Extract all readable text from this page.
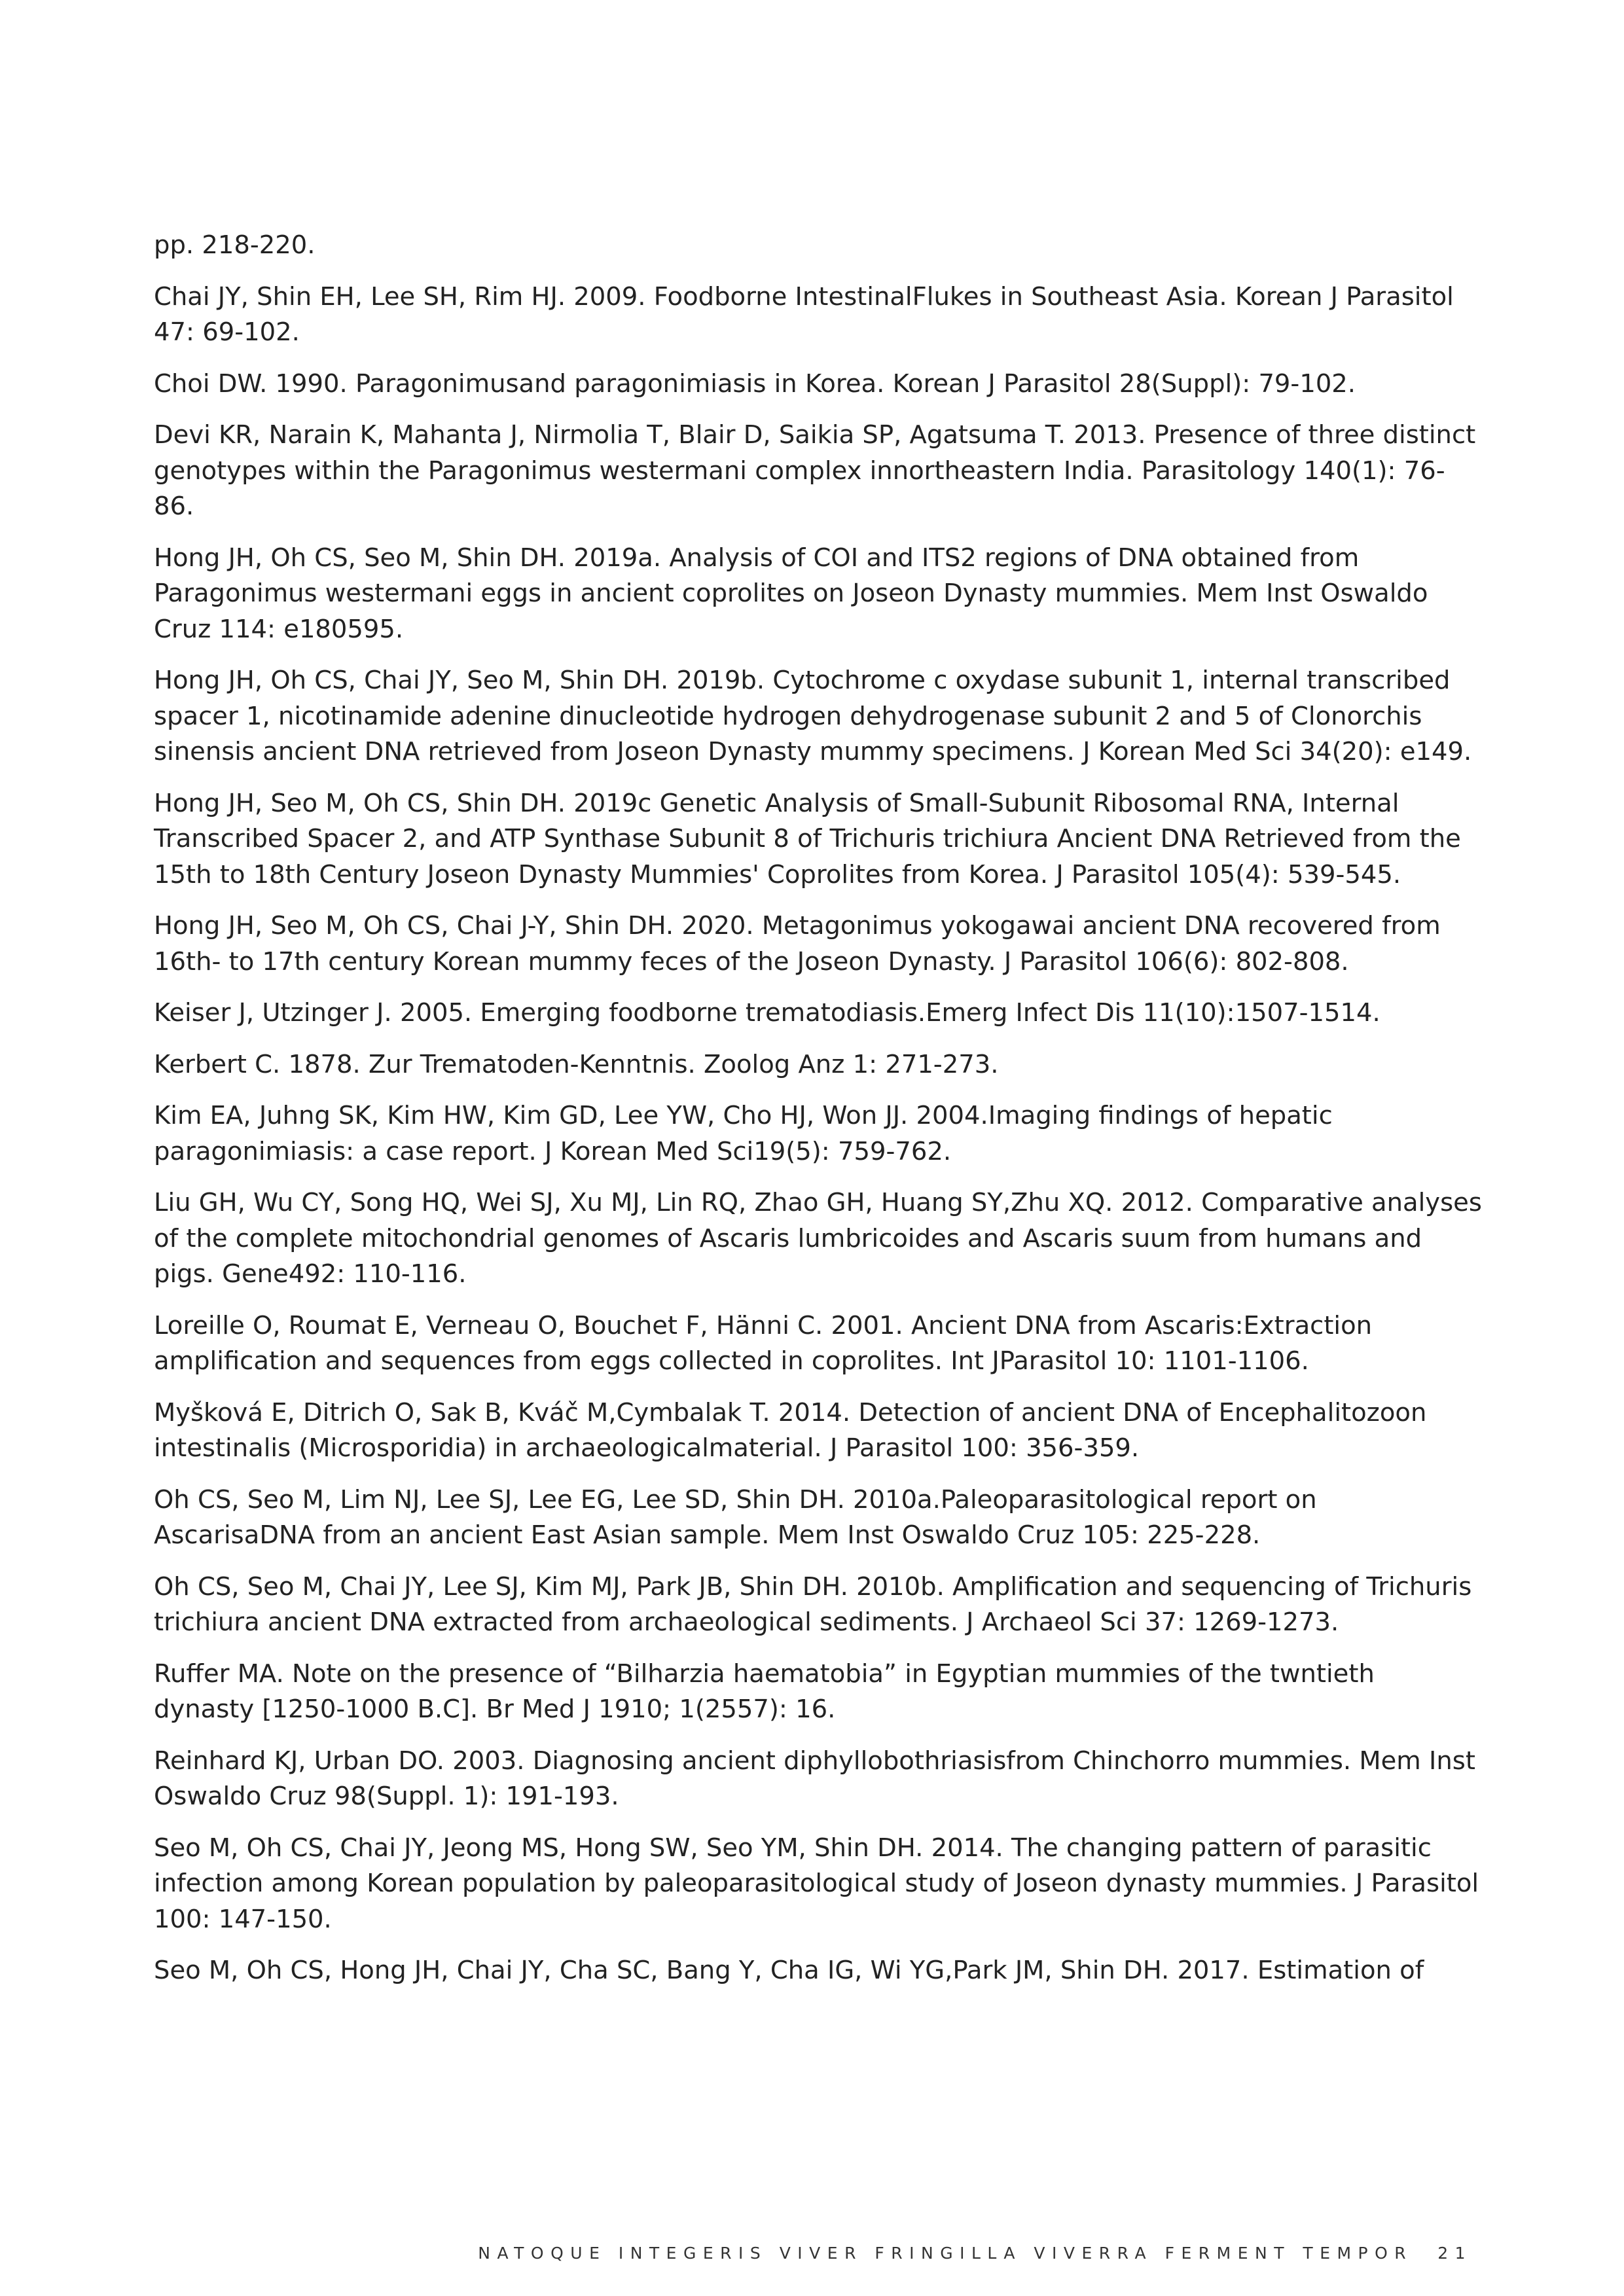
pp. 218-220.
Chai JY, Shin EH, Lee SH, Rim HJ. 2009. Foodborne IntestinalFlukes in Southeast Asia. Korean J Parasitol 47: 69-102.
Choi DW. 1990. Paragonimusand paragonimiasis in Korea. Korean J Parasitol 28(Suppl): 79-102.
Devi KR, Narain K, Mahanta J, Nirmolia T, Blair D, Saikia SP, Agatsuma T. 2013. Presence of three distinct genotypes within the Paragonimus westermani complex innortheastern India. Parasitology 140(1): 76-86.
Hong JH, Oh CS, Seo M, Shin DH. 2019a. Analysis of COI and ITS2 regions of DNA obtained from Paragonimus westermani eggs in ancient coprolites on Joseon Dynasty mummies. Mem Inst Oswaldo Cruz 114: e180595.
Hong JH, Oh CS, Chai JY, Seo M, Shin DH. 2019b. Cytochrome c oxydase subunit 1, internal transcribed spacer 1, nicotinamide adenine dinucleotide hydrogen dehydrogenase subunit 2 and 5 of Clonorchis sinensis ancient DNA retrieved from Joseon Dynasty mummy specimens. J Korean Med Sci 34(20): e149.
Hong JH, Seo M, Oh CS, Shin DH. 2019c Genetic Analysis of Small-Subunit Ribosomal RNA, Internal Transcribed Spacer 2, and ATP Synthase Subunit 8 of Trichuris trichiura Ancient DNA Retrieved from the 15th to 18th Century Joseon Dynasty Mummies' Coprolites from Korea. J Parasitol 105(4): 539-545.
Hong JH, Seo M, Oh CS, Chai J-Y, Shin DH. 2020. Metagonimus yokogawai ancient DNA recovered from 16th- to 17th century Korean mummy feces of the Joseon Dynasty. J Parasitol 106(6): 802-808.
Keiser J, Utzinger J. 2005. Emerging foodborne trematodiasis.Emerg Infect Dis 11(10):1507-1514.
Kerbert C. 1878. Zur Trematoden-Kenntnis. Zoolog Anz 1: 271-273.
Kim EA, Juhng SK, Kim HW, Kim GD, Lee YW, Cho HJ, Won JJ. 2004.Imaging findings of hepatic paragonimiasis: a case report. J Korean Med Sci19(5): 759-762.
Liu GH, Wu CY, Song HQ, Wei SJ, Xu MJ, Lin RQ, Zhao GH, Huang SY,Zhu XQ. 2012. Comparative analyses of the complete mitochondrial genomes of Ascaris lumbricoides and Ascaris suum from humans and pigs. Gene492: 110-116.
Loreille O, Roumat E, Verneau O, Bouchet F, Hänni C. 2001. Ancient DNA from Ascaris:Extraction amplification and sequences from eggs collected in coprolites. Int JParasitol 10: 1101-1106.
Myšková E, Ditrich O, Sak B, Kváč M,Cymbalak T. 2014. Detection of ancient DNA of Encephalitozoon intestinalis (Microsporidia) in archaeologicalmaterial. J Parasitol 100: 356-359.
Oh CS, Seo M, Lim NJ, Lee SJ, Lee EG, Lee SD, Shin DH. 2010a.Paleoparasitological report on AscarisaDNA from an ancient East Asian sample. Mem Inst Oswaldo Cruz 105: 225-228.
Oh CS, Seo M, Chai JY, Lee SJ, Kim MJ, Park JB, Shin DH. 2010b. Amplification and sequencing of Trichuris trichiura ancient DNA extracted from archaeological sediments. J Archaeol Sci 37: 1269-1273.
Ruffer MA. Note on the presence of “Bilharzia haematobia” in Egyptian mummies of the twntieth dynasty [1250-1000 B.C]. Br Med J 1910; 1(2557): 16.
Reinhard KJ, Urban DO. 2003. Diagnosing ancient diphyllobothriasisfrom Chinchorro mummies. Mem Inst Oswaldo Cruz 98(Suppl. 1): 191-193.
Seo M, Oh CS, Chai JY, Jeong MS, Hong SW, Seo YM, Shin DH. 2014. The changing pattern of parasitic infection among Korean population by paleoparasitological study of Joseon dynasty mummies. J Parasitol 100: 147-150.
Seo M, Oh CS, Hong JH, Chai JY, Cha SC, Bang Y, Cha IG, Wi YG,Park JM, Shin DH. 2017. Estimation of
NATOQUE INTEGERIS VIVER FRINGILLA VIVERRA FERMENT TEMPOR 21
